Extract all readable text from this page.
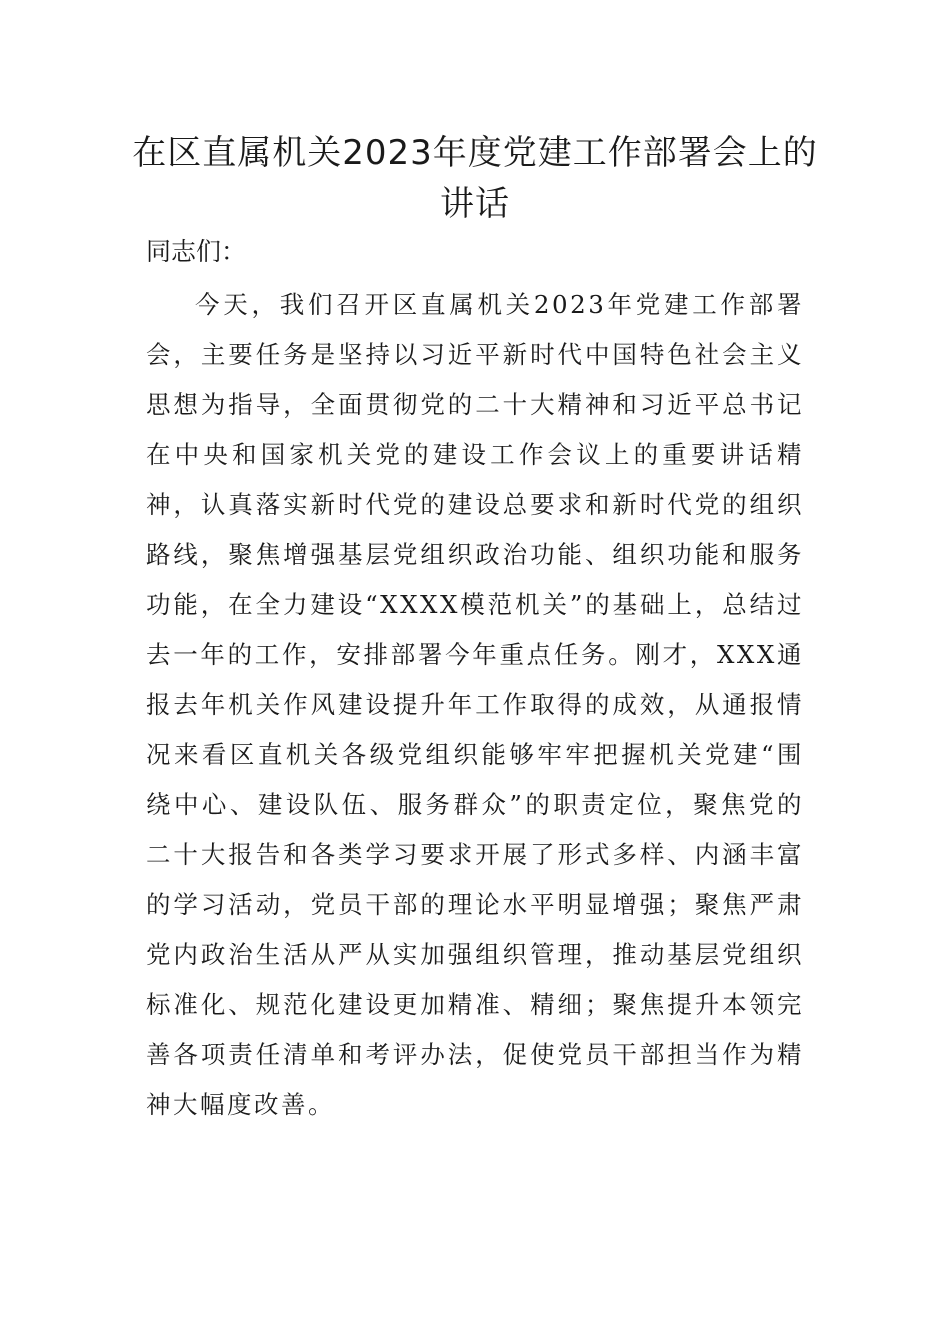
在区直属机关2023年度党建工作部署会上的讲话

同志们：

今天，我们召开区直属机关2023年党建工作部署会，主要任务是坚持以习近平新时代中国特色社会主义思想为指导，全面贯彻党的二十大精神和习近平总书记在中央和国家机关党的建设工作会议上的重要讲话精神，认真落实新时代党的建设总要求和新时代党的组织路线，聚焦增强基层党组织政治功能、组织功能和服务功能，在全力建设“XXXX模范机关”的基础上，总结过去一年的工作，安排部署今年重点任务。刚才，XXX通报去年机关作风建设提升年工作取得的成效，从通报情况来看区直机关各级党组织能够牢牢把握机关党建“围绕中心、建设队伍、服务群众”的职责定位，聚焦党的二十大报告和各类学习要求开展了形式多样、内涵丰富的学习活动，党员干部的理论水平明显增强；聚焦严肃党内政治生活从严从实加强组织管理，推动基层党组织标准化、规范化建设更加精准、精细；聚焦提升本领完善各项责任清单和考评办法，促使党员干部担当作为精神大幅度改善。
